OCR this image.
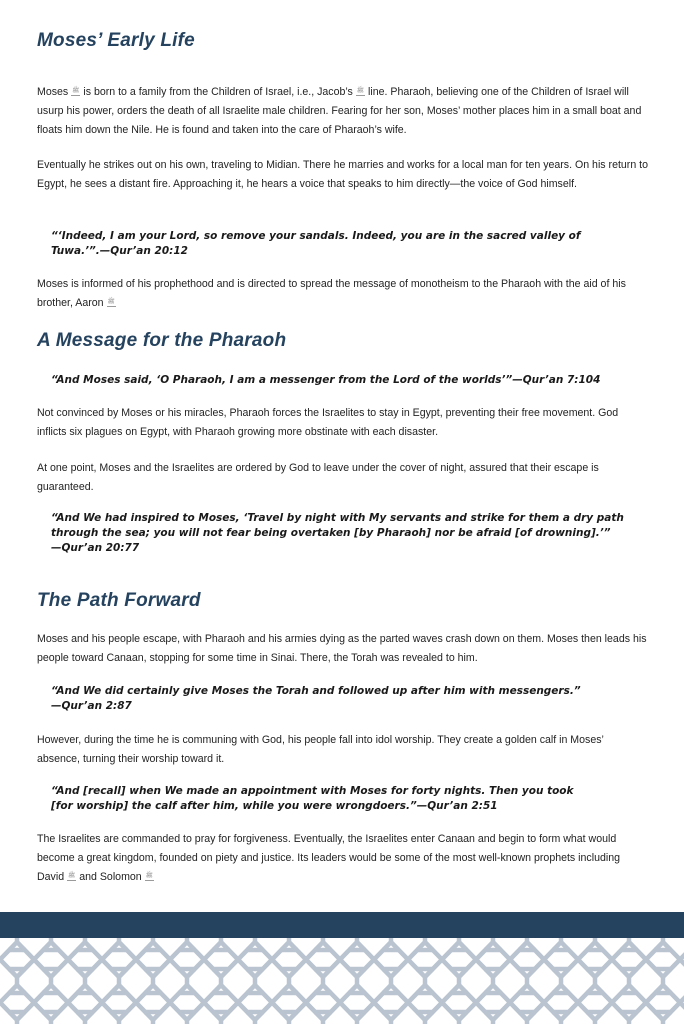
Moses’ Early Life

Moses ﷺ is born to a family from the Children of Israel, i.e., Jacob’s ﷺ line. Pharaoh, believing one of the Children of Israel will usurp his power, orders the death of all Israelite male children. Fearing for her son, Moses’ mother places him in a small boat and floats him down the Nile. He is found and taken into the care of Pharaoh’s wife.

Eventually he strikes out on his own, traveling to Midian. There he marries and works for a local man for ten years. On his return to Egypt, he sees a distant fire. Approaching it, he hears a voice that speaks to him directly—the voice of God himself.

“‘Indeed, I am your Lord, so remove your sandals. Indeed, you are in the sacred valley of
Tuwa.’”.—Qur’an 20:12

Moses is informed of his prophethood and is directed to spread the message of monotheism to the Pharaoh with the aid of his brother, Aaron ﷺ

A Message for the Pharaoh
“And Moses said, ‘O Pharaoh, I am a messenger from the Lord of the worlds’”—Qur’an 7:104

Not convinced by Moses or his miracles, Pharaoh forces the Israelites to stay in Egypt, preventing their free movement. God inflicts six plagues on Egypt, with Pharaoh growing more obstinate with each disaster.

At one point, Moses and the Israelites are ordered by God to leave under the cover of night, assured that their escape is guaranteed.

“And We had inspired to Moses, ‘Travel by night with My servants and strike for them a dry path
through the sea; you will not fear being overtaken [by Pharaoh] nor be afraid [of drowning].’”
—Qur’an 20:77
The Path Forward

Moses and his people escape, with Pharaoh and his armies dying as the parted waves crash down on them. Moses then leads his people toward Canaan, stopping for some time in Sinai. There, the Torah was revealed to him.

“And We did certainly give Moses the Torah and followed up after him with messengers.”
—Qur’an 2:87

However, during the time he is communing with God, his people fall into idol worship. They create a golden calf in Moses’ absence, turning their worship toward it.

“And [recall] when We made an appointment with Moses for forty nights. Then you took
[for worship] the calf after him, while you were wrongdoers.”—Qur’an 2:51

The Israelites are commanded to pray for forgiveness. Eventually, the Israelites enter Canaan and begin to form what would become a great kingdom, founded on piety and justice. Its leaders would be some of the most well-known prophets including David ﷺ and Solomon ﷺ
